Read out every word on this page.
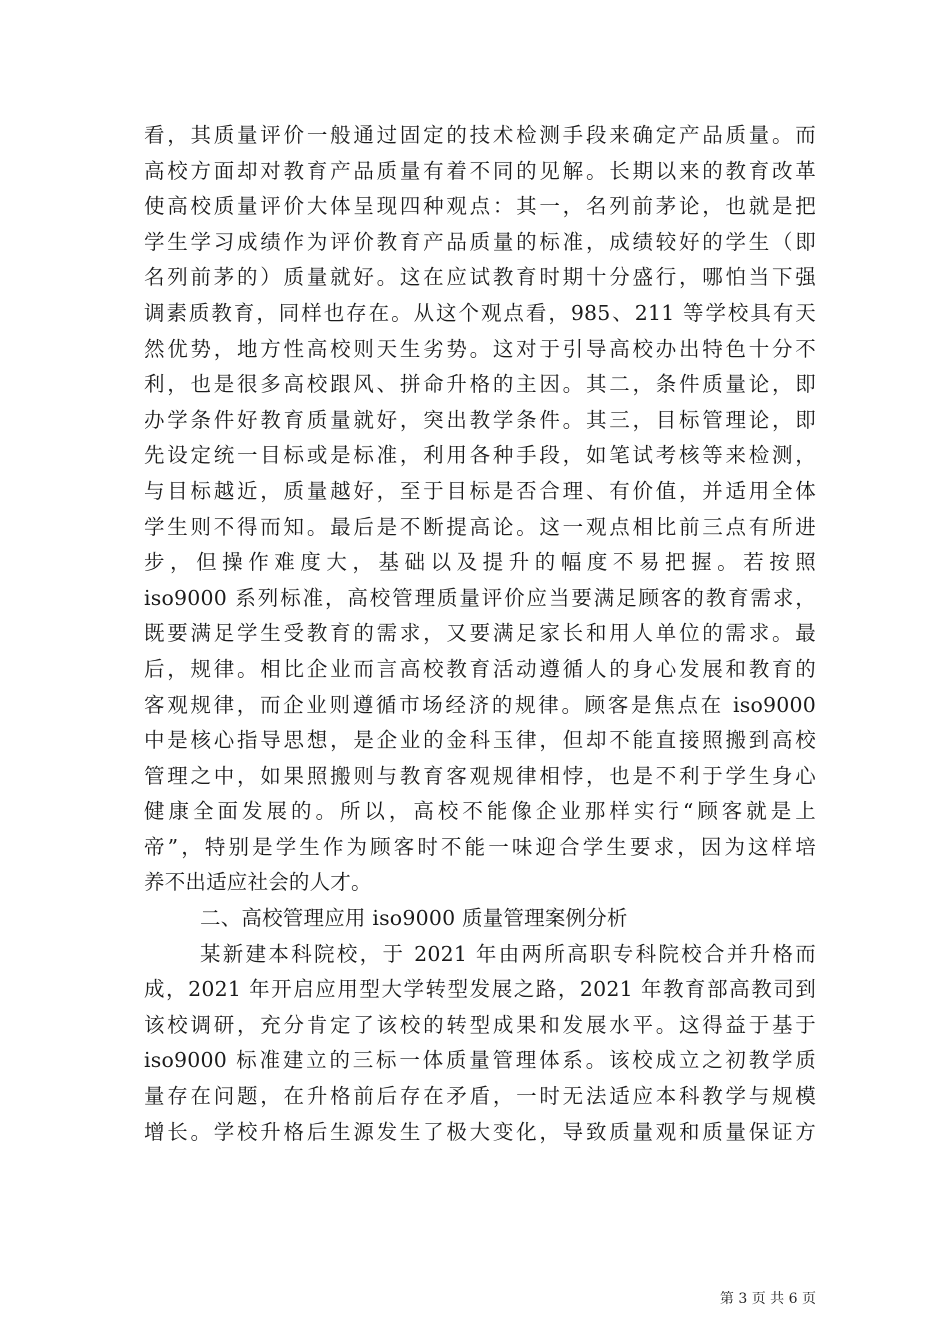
看，其质量评价一般通过固定的技术检测手段来确定产品质量。而
高校方面却对教育产品质量有着不同的见解。长期以来的教育改革
使高校质量评价大体呈现四种观点：其一，名列前茅论，也就是把
学生学习成绩作为评价教育产品质量的标准，成绩较好的学生（即
名列前茅的）质量就好。这在应试教育时期十分盛行，哪怕当下强
调素质教育，同样也存在。从这个观点看，985、211 等学校具有天
然优势，地方性高校则天生劣势。这对于引导高校办出特色十分不
利，也是很多高校跟风、拼命升格的主因。其二，条件质量论，即
办学条件好教育质量就好，突出教学条件。其三，目标管理论，即
先设定统一目标或是标准，利用各种手段，如笔试考核等来检测，
与目标越近，质量越好，至于目标是否合理、有价值，并适用全体
学生则不得而知。最后是不断提高论。这一观点相比前三点有所进
步，但操作难度大，基础以及提升的幅度不易把握。若按照
iso9000 系列标准，高校管理质量评价应当要满足顾客的教育需求，
既要满足学生受教育的需求，又要满足家长和用人单位的需求。最
后，规律。相比企业而言高校教育活动遵循人的身心发展和教育的
客观规律，而企业则遵循市场经济的规律。顾客是焦点在 iso9000
中是核心指导思想，是企业的金科玉律，但却不能直接照搬到高校
管理之中，如果照搬则与教育客观规律相悖，也是不利于学生身心
健康全面发展的。所以，高校不能像企业那样实行“顾客就是上
帝”，特别是学生作为顾客时不能一味迎合学生要求，因为这样培
养不出适应社会的人才。
二、高校管理应用 iso9000 质量管理案例分析
某新建本科院校，于 2021 年由两所高职专科院校合并升格而
成，2021 年开启应用型大学转型发展之路，2021 年教育部高教司到
该校调研，充分肯定了该校的转型成果和发展水平。这得益于基于
iso9000 标准建立的三标一体质量管理体系。该校成立之初教学质
量存在问题，在升格前后存在矛盾，一时无法适应本科教学与规模
增长。学校升格后生源发生了极大变化，导致质量观和质量保证方
第 3 页 共 6 页
